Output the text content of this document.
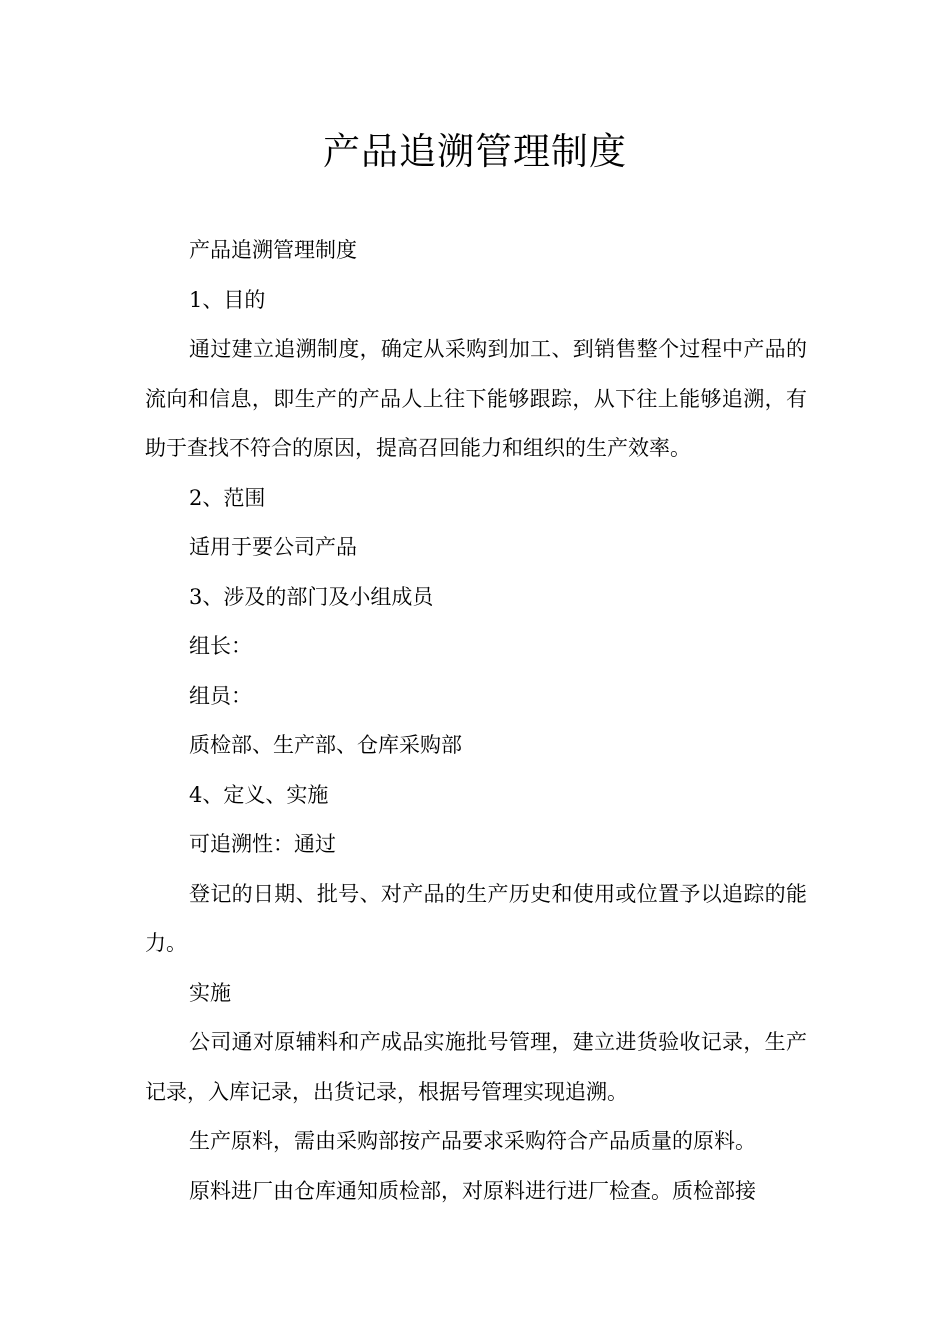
产品追溯管理制度

产品追溯管理制度

1、目的

通过建立追溯制度，确定从采购到加工、到销售整个过程中产品的流向和信息，即生产的产品人上往下能够跟踪，从下往上能够追溯，有助于查找不符合的原因，提高召回能力和组织的生产效率。

2、范围

适用于要公司产品

3、涉及的部门及小组成员

组长：

组员：

质检部、生产部、仓库采购部

4、定义、实施

可追溯性：通过

登记的日期、批号、对产品的生产历史和使用或位置予以追踪的能力。

实施

公司通对原辅料和产成品实施批号管理，建立进货验收记录，生产记录，入库记录，出货记录，根据号管理实现追溯。

生产原料，需由采购部按产品要求采购符合产品质量的原料。

原料进厂由仓库通知质检部，对原料进行进厂检查。质检部接
